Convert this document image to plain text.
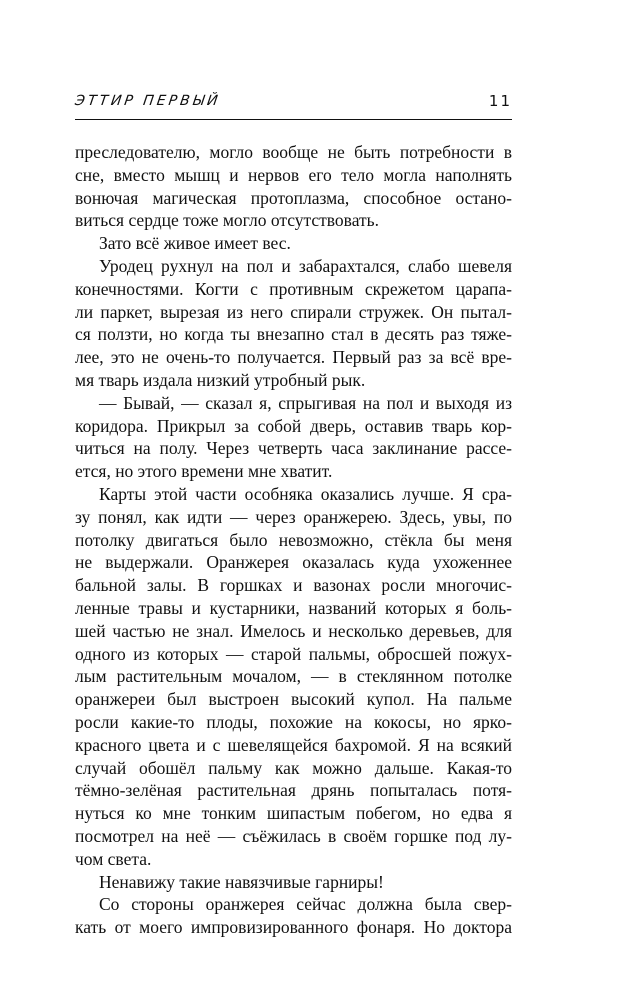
ЭТТИР ПЕРВЫЙ	11
преследователю, могло вообще не быть потребности в
сне, вместо мышц и нервов его тело могла наполнять
вонючая магическая протоплазма, способное остано-
виться сердце тоже могло отсутствовать.
Зато всё живое имеет вес.
Уродец рухнул на пол и забарахтался, слабо шевеля
конечностями. Когти с противным скрежетом царапа-
ли паркет, вырезая из него спирали стружек. Он пытал-
ся ползти, но когда ты внезапно стал в десять раз тяже-
лее, это не очень-то получается. Первый раз за всё вре-
мя тварь издала низкий утробный рык.
— Бывай, — сказал я, спрыгивая на пол и выходя из
коридора. Прикрыл за собой дверь, оставив тварь кор-
читься на полу. Через четверть часа заклинание рассе-
ется, но этого времени мне хватит.
Карты этой части особняка оказались лучше. Я сра-
зу понял, как идти — через оранжерею. Здесь, увы, по
потолку двигаться было невозможно, стёкла бы меня
не выдержали. Оранжерея оказалась куда ухоженнее
бальной залы. В горшках и вазонах росли многочис-
ленные травы и кустарники, названий которых я боль-
шей частью не знал. Имелось и несколько деревьев, для
одного из которых — старой пальмы, обросшей пожух-
лым растительным мочалом, — в стеклянном потолке
оранжереи был выстроен высокий купол. На пальме
росли какие-то плоды, похожие на кокосы, но ярко-
красного цвета и с шевелящейся бахромой. Я на всякий
случай обошёл пальму как можно дальше. Какая-то
тёмно-зелёная растительная дрянь попыталась потя-
нуться ко мне тонким шипастым побегом, но едва я
посмотрел на неё — съёжилась в своём горшке под лу-
чом света.
Ненавижу такие навязчивые гарниры!
Со стороны оранжерея сейчас должна была свер-
кать от моего импровизированного фонаря. Но доктора
